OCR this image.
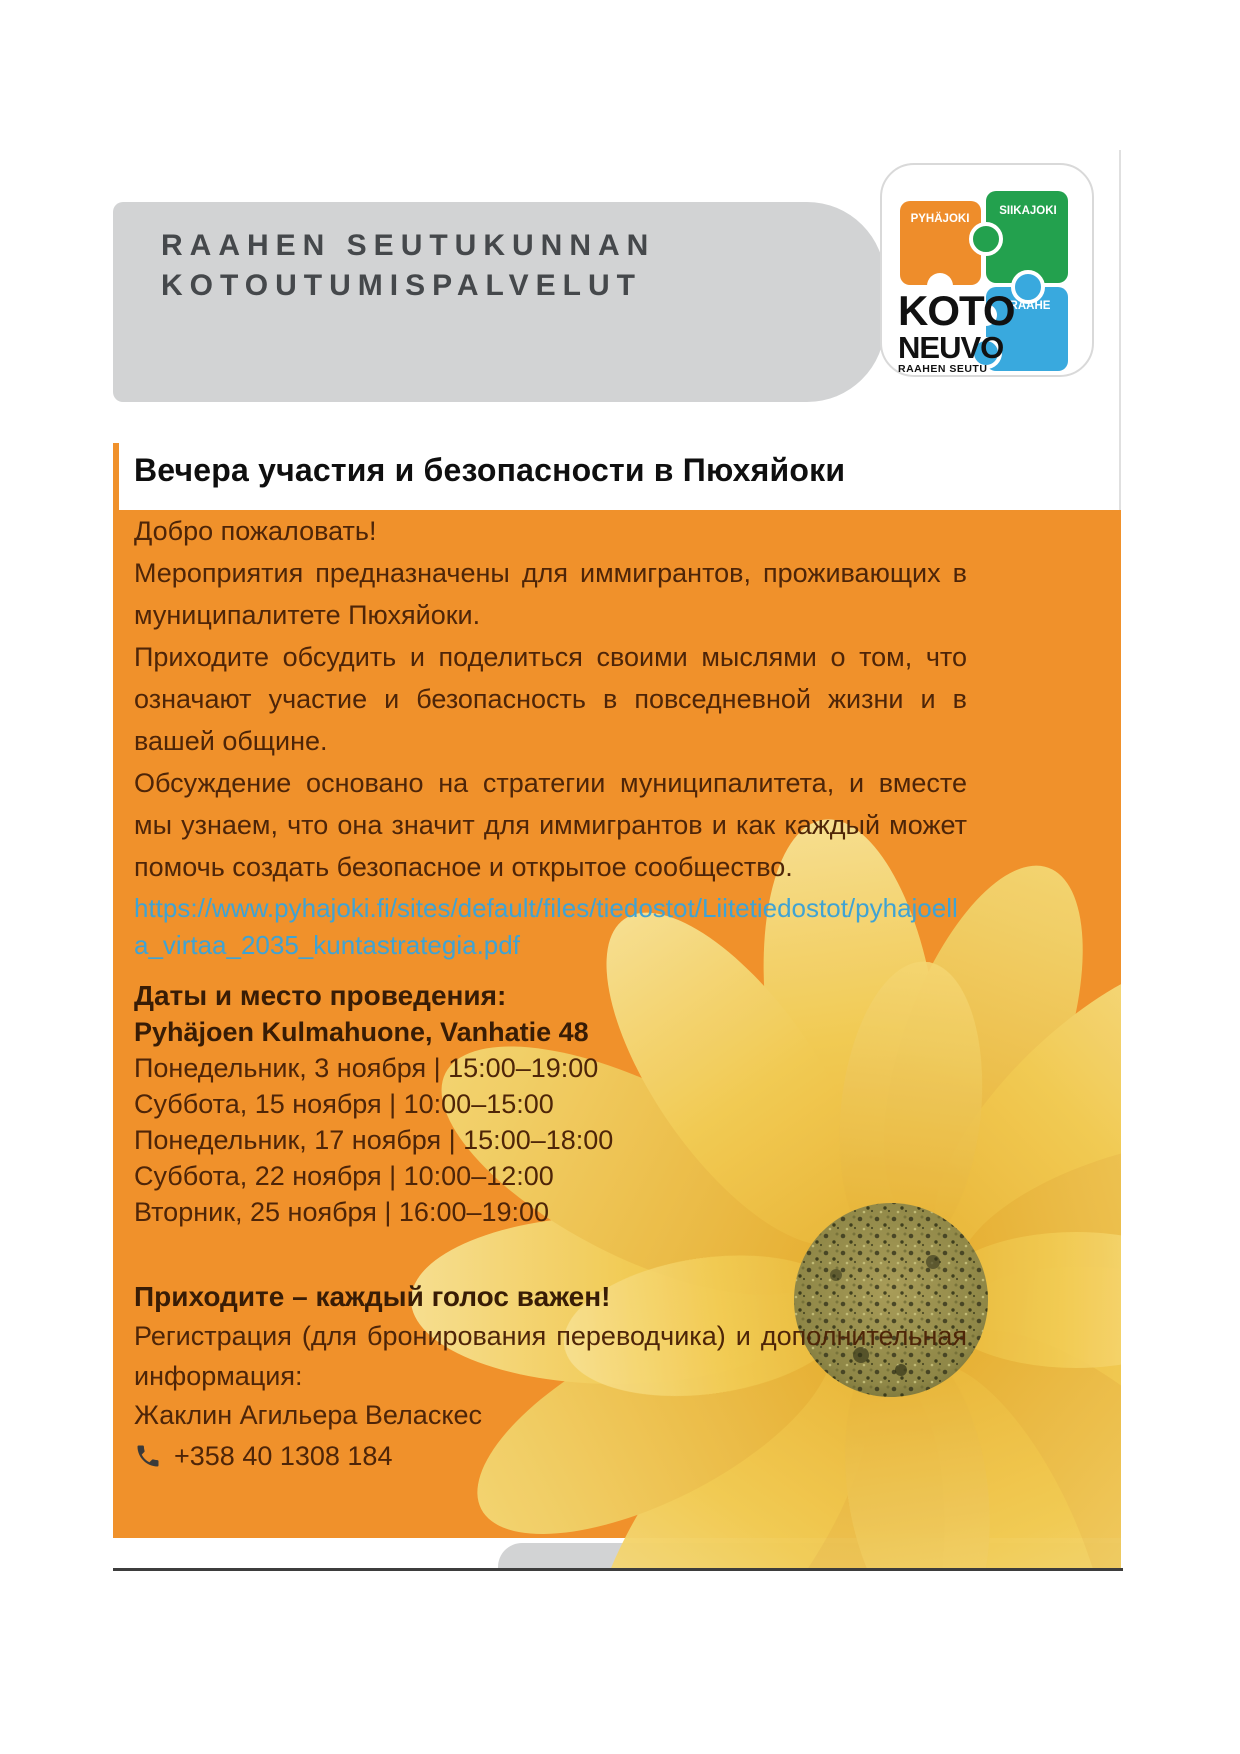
RAAHEN SEUTUKUNNAN
KOTOUTUMISPALVELUT
PYHÄJOKI
SIIKAJOKI
RAAHE
KOTO
NEUVO
RAAHEN SEUTU
Вечера участия и безопасности в Пюхяйоки

Добро пожаловать!

Мероприятия предназначены для иммигрантов, проживающих в муниципалитете Пюхяйоки.

Приходите обсудить и поделиться своими мыслями о том, что означают участие и безопасность в повседневной жизни и в вашей общине.

Обсуждение основано на стратегии муниципалитета, и вместе мы узнаем, что она значит для иммигрантов и как каждый может помочь создать безопасное и открытое сообщество.

https://www.pyhajoki.fi/sites/default/files/tiedostot/Liitetiedostot/pyhajoella_virtaa_2035_kuntastrategia.pdf
Даты и место проведения:
Pyhäjoen Kulmahuone, Vanhatie 48
Понедельник, 3 ноября | 15:00–19:00
Суббота, 15 ноября | 10:00–15:00
Понедельник, 17 ноября | 15:00–18:00
Суббота, 22 ноября | 10:00–12:00
Вторник, 25 ноября | 16:00–19:00
Приходите – каждый голос важен!
Регистрация (для бронирования переводчика) и дополнительная информация:
Жаклин Агильера Веласкес
+358 40 1308 184
